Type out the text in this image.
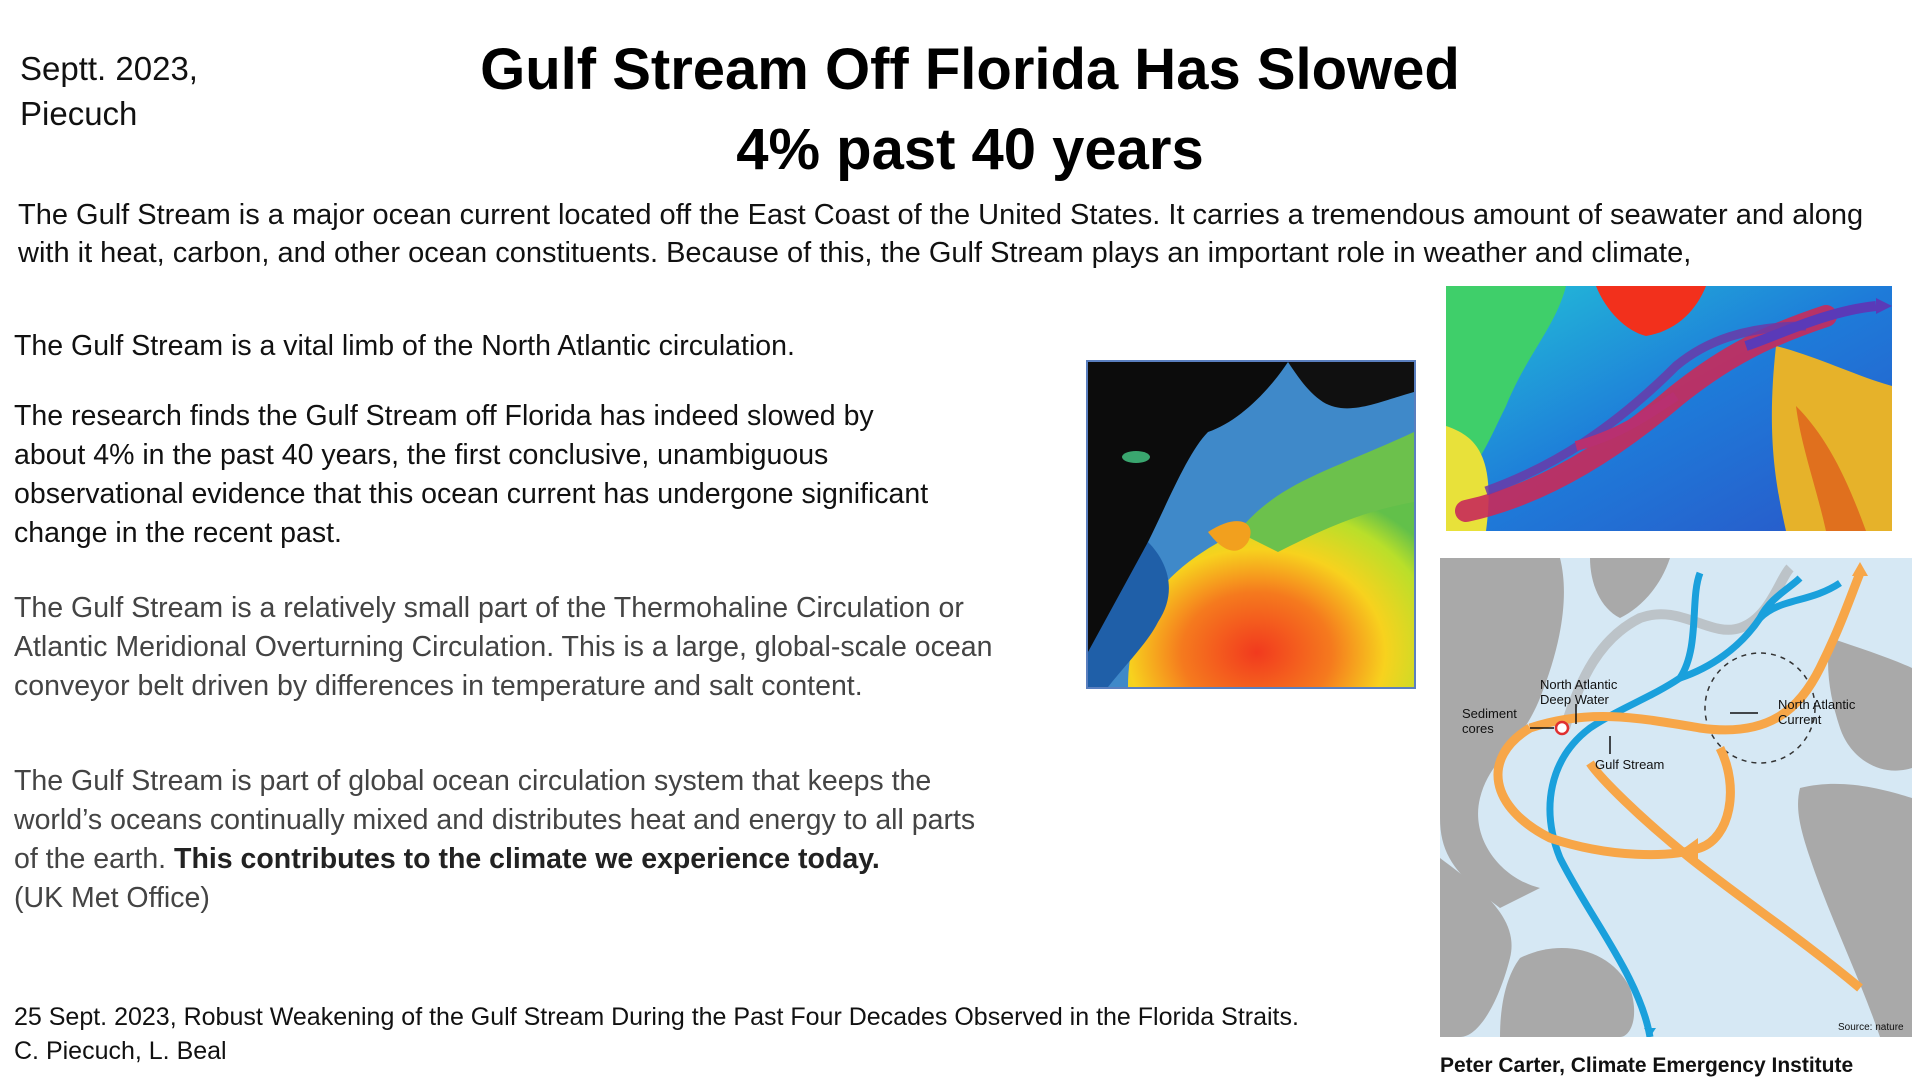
Septt. 2023,
Piecuch
Gulf Stream Off Florida Has Slowed
4% past 40 years
The Gulf Stream is a major ocean current located off the East Coast of the United States. It carries a tremendous amount of seawater and along
with it heat, carbon, and other ocean constituents. Because of this, the Gulf Stream plays an important role in weather and climate,
The Gulf Stream is a vital limb of the North Atlantic circulation.
The research finds the Gulf Stream off Florida has indeed slowed by
about 4% in the past 40 years, the first conclusive, unambiguous
observational evidence that this ocean current has undergone significant
change in the recent past.
The Gulf Stream is a relatively small part of the Thermohaline Circulation or
Atlantic Meridional Overturning Circulation. This is a large, global-scale ocean
conveyor belt driven by differences in temperature and salt content.
The Gulf Stream is part of global ocean circulation system that keeps the
world’s oceans continually mixed and distributes heat and energy to all parts
of the earth. This contributes to the climate we experience today.
(UK Met Office)
25 Sept. 2023, Robust Weakening of the Gulf Stream During the Past Four Decades Observed in the Florida Straits.
C. Piecuch, L. Beal
Peter Carter, Climate Emergency Institute
North Atlantic
Deep Water
Sediment
cores
Gulf Stream
North Atlantic
Current
Source: nature
